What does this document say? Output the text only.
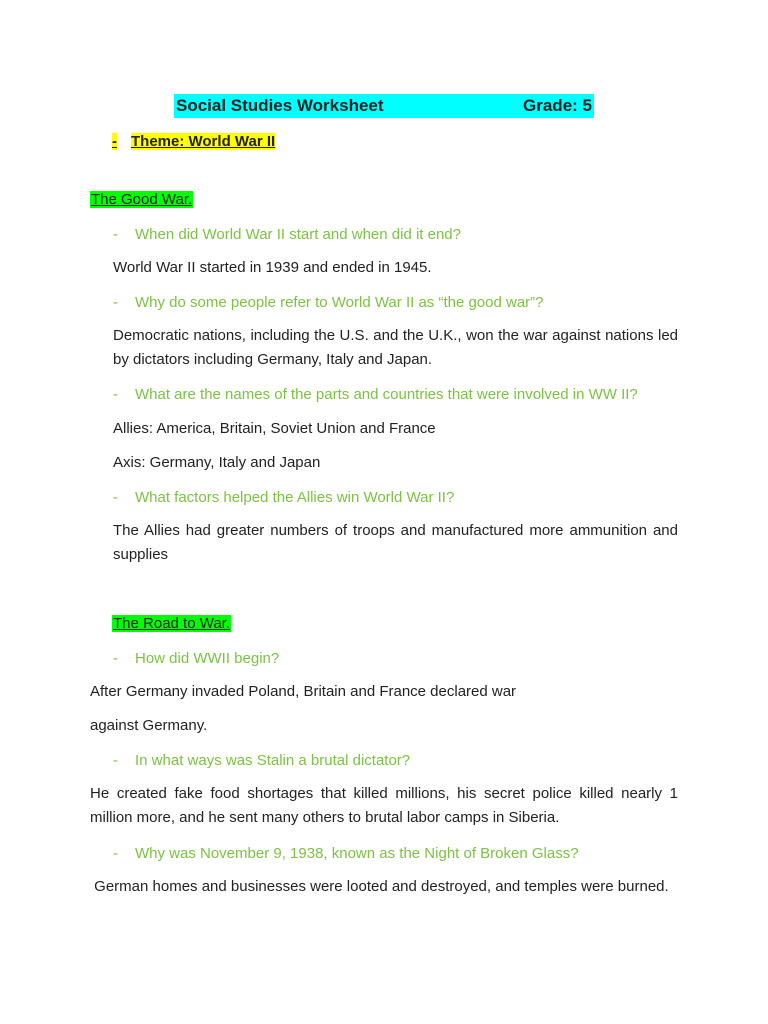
Social Studies Worksheet	Grade: 5
- Theme: World War II
The Good War.
- When did World War II start and when did it end?
World War II started in 1939 and ended in 1945.
- Why do some people refer to World War II as “the good war”?
Democratic nations, including the U.S. and the U.K., won the war against nations led by dictators including Germany, Italy and Japan.
- What are the names of the parts and countries that were involved in WW II?
Allies: America, Britain, Soviet Union and France
Axis: Germany, Italy and Japan
- What factors helped the Allies win World War II?
The Allies had greater numbers of troops and manufactured more ammunition and supplies
The Road to War.
- How did WWII begin?
After Germany invaded Poland, Britain and France declared war
against Germany.
- In what ways was Stalin a brutal dictator?
He created fake food shortages that killed millions, his secret police killed nearly 1 million more, and he sent many others to brutal labor camps in Siberia.
- Why was November 9, 1938, known as the Night of Broken Glass?
German homes and businesses were looted and destroyed, and temples were burned.
